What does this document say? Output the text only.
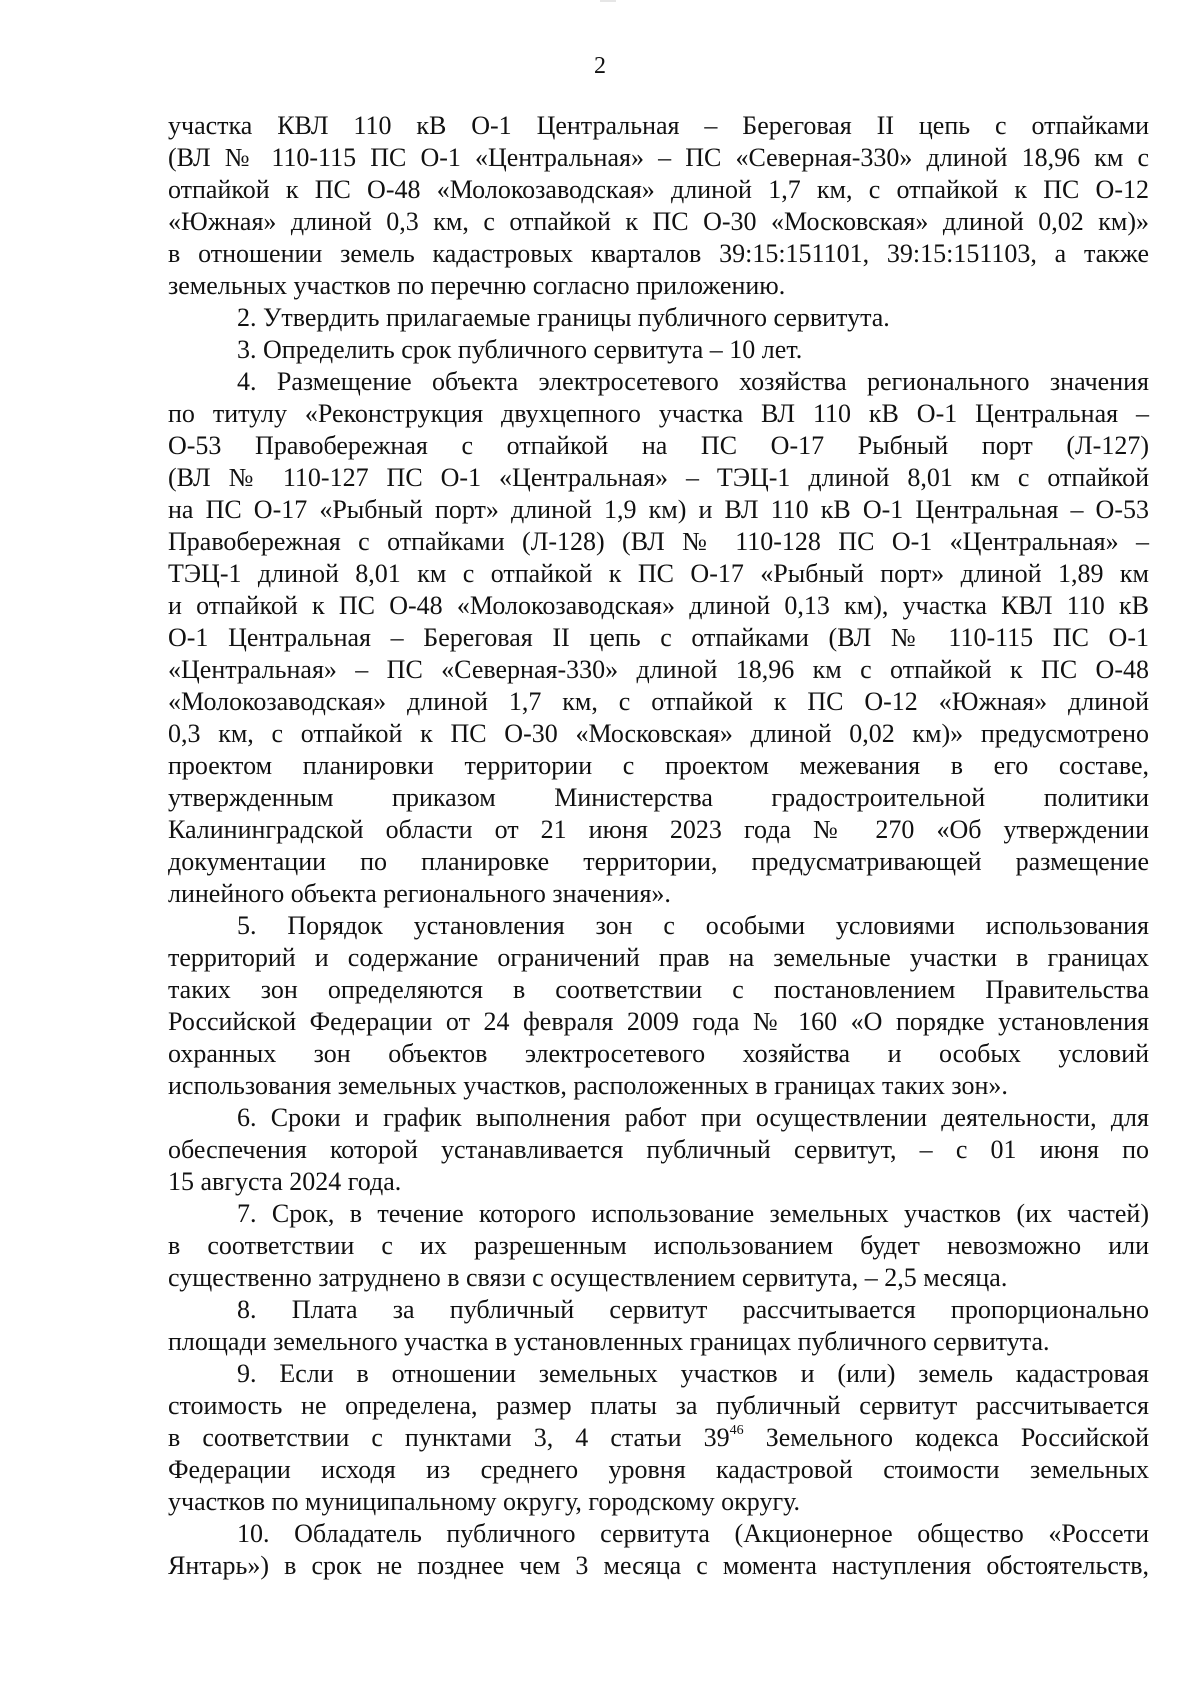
2
участка КВЛ 110 кВ О-1 Центральная – Береговая II цепь с отпайками
(ВЛ № 110-115 ПС О-1 «Центральная» – ПС «Северная-330» длиной 18,96 км с
отпайкой к ПС О-48 «Молокозаводская» длиной 1,7 км, с отпайкой к ПС О-12
«Южная» длиной 0,3 км, с отпайкой к ПС О-30 «Московская» длиной 0,02 км)»
в отношении земель кадастровых кварталов 39:15:151101, 39:15:151103, а также
земельных участков по перечню согласно приложению.
2. Утвердить прилагаемые границы публичного сервитута.
3. Определить срок публичного сервитута – 10 лет.
4. Размещение объекта электросетевого хозяйства регионального значения
по титулу «Реконструкция двухцепного участка ВЛ 110 кВ О-1 Центральная –
О-53 Правобережная с отпайкой на ПС О-17 Рыбный порт (Л-127)
(ВЛ № 110-127 ПС О-1 «Центральная» – ТЭЦ-1 длиной 8,01 км с отпайкой
на ПС О-17 «Рыбный порт» длиной 1,9 км) и ВЛ 110 кВ О-1 Центральная – О-53
Правобережная с отпайками (Л-128) (ВЛ № 110-128 ПС О-1 «Центральная» –
ТЭЦ-1 длиной 8,01 км с отпайкой к ПС О-17 «Рыбный порт» длиной 1,89 км
и отпайкой к ПС О-48 «Молокозаводская» длиной 0,13 км), участка КВЛ 110 кВ
О-1 Центральная – Береговая II цепь с отпайками (ВЛ № 110-115 ПС О-1
«Центральная» – ПС «Северная-330» длиной 18,96 км с отпайкой к ПС О-48
«Молокозаводская» длиной 1,7 км, с отпайкой к ПС О-12 «Южная» длиной
0,3 км, с отпайкой к ПС О-30 «Московская» длиной 0,02 км)» предусмотрено
проектом планировки территории с проектом межевания в его составе,
утвержденным приказом Министерства градостроительной политики
Калининградской области от 21 июня 2023 года № 270 «Об утверждении
документации по планировке территории, предусматривающей размещение
линейного объекта регионального значения».
5. Порядок установления зон с особыми условиями использования
территорий и содержание ограничений прав на земельные участки в границах
таких зон определяются в соответствии с постановлением Правительства
Российской Федерации от 24 февраля 2009 года № 160 «О порядке установления
охранных зон объектов электросетевого хозяйства и особых условий
использования земельных участков, расположенных в границах таких зон».
6. Сроки и график выполнения работ при осуществлении деятельности, для
обеспечения которой устанавливается публичный сервитут, – с 01 июня по
15 августа 2024 года.
7. Срок, в течение которого использование земельных участков (их частей)
в соответствии с их разрешенным использованием будет невозможно или
существенно затруднено в связи с осуществлением сервитута, – 2,5 месяца.
8. Плата за публичный сервитут рассчитывается пропорционально
площади земельного участка в установленных границах публичного сервитута.
9. Если в отношении земельных участков и (или) земель кадастровая
стоимость не определена, размер платы за публичный сервитут рассчитывается
в соответствии с пунктами 3, 4 статьи $39^{46}$ Земельного кодекса Российской
Федерации исходя из среднего уровня кадастровой стоимости земельных
участков по муниципальному округу, городскому округу.
10. Обладатель публичного сервитута (Акционерное общество «Россети
Янтарь») в срок не позднее чем 3 месяца с момента наступления обстоятельств,
